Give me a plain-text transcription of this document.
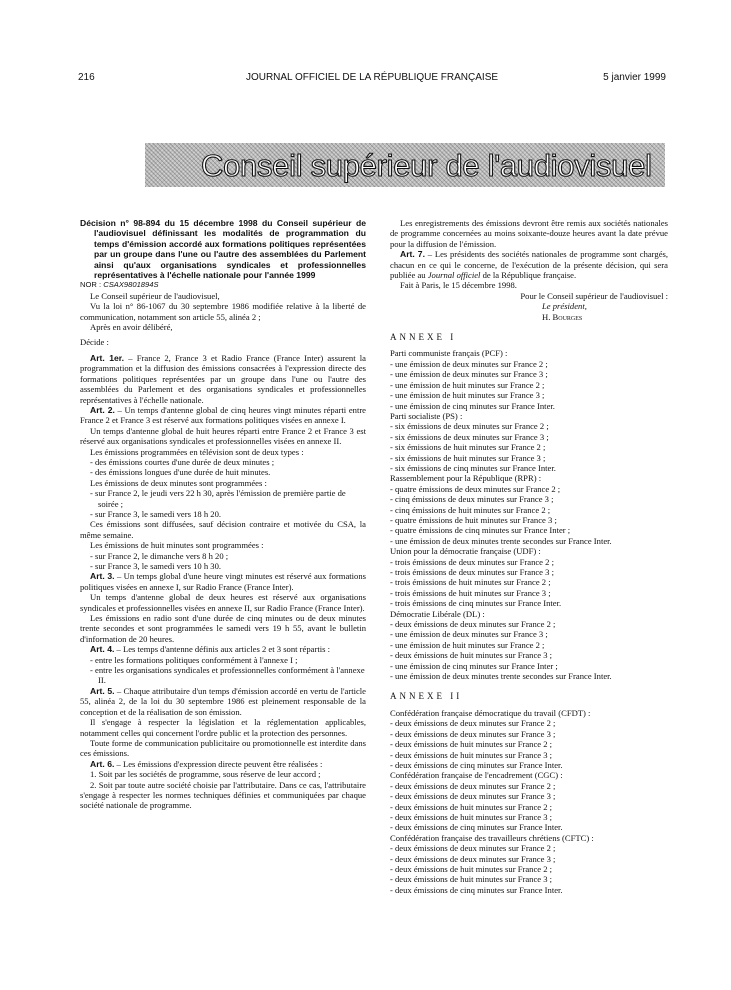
216	JOURNAL OFFICIEL DE LA RÉPUBLIQUE FRANÇAISE	5 janvier 1999
Conseil supérieur de l'audiovisuel

Décision n° 98-894 du 15 décembre 1998 du Conseil supérieur de l'audiovisuel définissant les modalités de programmation du temps d'émission accordé aux formations politiques représentées par un groupe dans l'une ou l'autre des assemblées du Parlement ainsi qu'aux organisations syndicales et professionnelles représentatives à l'échelle nationale pour l'année 1999

NOR : CSAX9801894S

Le Conseil supérieur de l'audiovisuel,

Vu la loi n° 86-1067 du 30 septembre 1986 modifiée relative à la liberté de communication, notamment son article 55, alinéa 2 ;

Après en avoir délibéré,

Décide :

Art. 1er. – France 2, France 3 et Radio France (France Inter) assurent la programmation et la diffusion des émissions consacrées à l'expression directe des formations politiques représentées par un groupe dans l'une ou l'autre des assemblées du Parlement et des organisations syndicales et professionnelles représentatives à l'échelle nationale.

Art. 2. – Un temps d'antenne global de cinq heures vingt minutes réparti entre France 2 et France 3 est réservé aux formations politiques visées en annexe I.

Un temps d'antenne global de huit heures réparti entre France 2 et France 3 est réservé aux organisations syndicales et professionnelles visées en annexe II.

Les émissions programmées en télévision sont de deux types :

- des émissions courtes d'une durée de deux minutes ;

- des émissions longues d'une durée de huit minutes.

Les émissions de deux minutes sont programmées :

- sur France 2, le jeudi vers 22 h 30, après l'émission de première partie de soirée ;

- sur France 3, le samedi vers 18 h 20.

Ces émissions sont diffusées, sauf décision contraire et motivée du CSA, la même semaine.

Les émissions de huit minutes sont programmées :

- sur France 2, le dimanche vers 8 h 20 ;

- sur France 3, le samedi vers 10 h 30.

Art. 3. – Un temps global d'une heure vingt minutes est réservé aux formations politiques visées en annexe I, sur Radio France (France Inter).

Un temps d'antenne global de deux heures est réservé aux organisations syndicales et professionnelles visées en annexe II, sur Radio France (France Inter).

Les émissions en radio sont d'une durée de cinq minutes ou de deux minutes trente secondes et sont programmées le samedi vers 19 h 55, avant le bulletin d'information de 20 heures.

Art. 4. – Les temps d'antenne définis aux articles 2 et 3 sont répartis :

- entre les formations politiques conformément à l'annexe I ;

- entre les organisations syndicales et professionnelles conformément à l'annexe II.

Art. 5. – Chaque attributaire d'un temps d'émission accordé en vertu de l'article 55, alinéa 2, de la loi du 30 septembre 1986 est pleinement responsable de la conception et de la réalisation de son émission.

Il s'engage à respecter la législation et la réglementation applicables, notamment celles qui concernent l'ordre public et la protection des personnes.

Toute forme de communication publicitaire ou promotionnelle est interdite dans ces émissions.

Art. 6. – Les émissions d'expression directe peuvent être réalisées :

1. Soit par les sociétés de programme, sous réserve de leur accord ;

2. Soit par toute autre société choisie par l'attributaire. Dans ce cas, l'attributaire s'engage à respecter les normes techniques définies et communiquées par chaque société nationale de programme.

Les enregistrements des émissions devront être remis aux sociétés nationales de programme concernées au moins soixante-douze heures avant la date prévue pour la diffusion de l'émission.

Art. 7. – Les présidents des sociétés nationales de programme sont chargés, chacun en ce qui le concerne, de l'exécution de la présente décision, qui sera publiée au Journal officiel de la République française.

Fait à Paris, le 15 décembre 1998.

Pour le Conseil supérieur de l'audiovisuel :

Le président,

H. Bourges

ANNEXE I

Parti communiste français (PCF) :

- une émission de deux minutes sur France 2 ;

- une émission de deux minutes sur France 3 ;

- une émission de huit minutes sur France 2 ;

- une émission de huit minutes sur France 3 ;

- une émission de cinq minutes sur France Inter.

Parti socialiste (PS) :

- six émissions de deux minutes sur France 2 ;

- six émissions de deux minutes sur France 3 ;

- six émissions de huit minutes sur France 2 ;

- six émissions de huit minutes sur France 3 ;

- six émissions de cinq minutes sur France Inter.

Rassemblement pour la République (RPR) :

- quatre émissions de deux minutes sur France 2 ;

- cinq émissions de deux minutes sur France 3 ;

- cinq émissions de huit minutes sur France 2 ;

- quatre émissions de huit minutes sur France 3 ;

- quatre émissions de cinq minutes sur France Inter ;

- une émission de deux minutes trente secondes sur France Inter.

Union pour la démocratie française (UDF) :

- trois émissions de deux minutes sur France 2 ;

- trois émissions de deux minutes sur France 3 ;

- trois émissions de huit minutes sur France 2 ;

- trois émissions de huit minutes sur France 3 ;

- trois émissions de cinq minutes sur France Inter.

Démocratie Libérale (DL) :

- deux émissions de deux minutes sur France 2 ;

- une émission de deux minutes sur France 3 ;

- une émission de huit minutes sur France 2 ;

- deux émissions de huit minutes sur France 3 ;

- une émission de cinq minutes sur France Inter ;

- une émission de deux minutes trente secondes sur France Inter.

ANNEXE II

Confédération française démocratique du travail (CFDT) :

- deux émissions de deux minutes sur France 2 ;

- deux émissions de deux minutes sur France 3 ;

- deux émissions de huit minutes sur France 2 ;

- deux émissions de huit minutes sur France 3 ;

- deux émissions de cinq minutes sur France Inter.

Confédération française de l'encadrement (CGC) :

- deux émissions de deux minutes sur France 2 ;

- deux émissions de deux minutes sur France 3 ;

- deux émissions de huit minutes sur France 2 ;

- deux émissions de huit minutes sur France 3 ;

- deux émissions de cinq minutes sur France Inter.

Confédération française des travailleurs chrétiens (CFTC) :

- deux émissions de deux minutes sur France 2 ;

- deux émissions de deux minutes sur France 3 ;

- deux émissions de huit minutes sur France 2 ;

- deux émissions de huit minutes sur France 3 ;

- deux émissions de cinq minutes sur France Inter.
